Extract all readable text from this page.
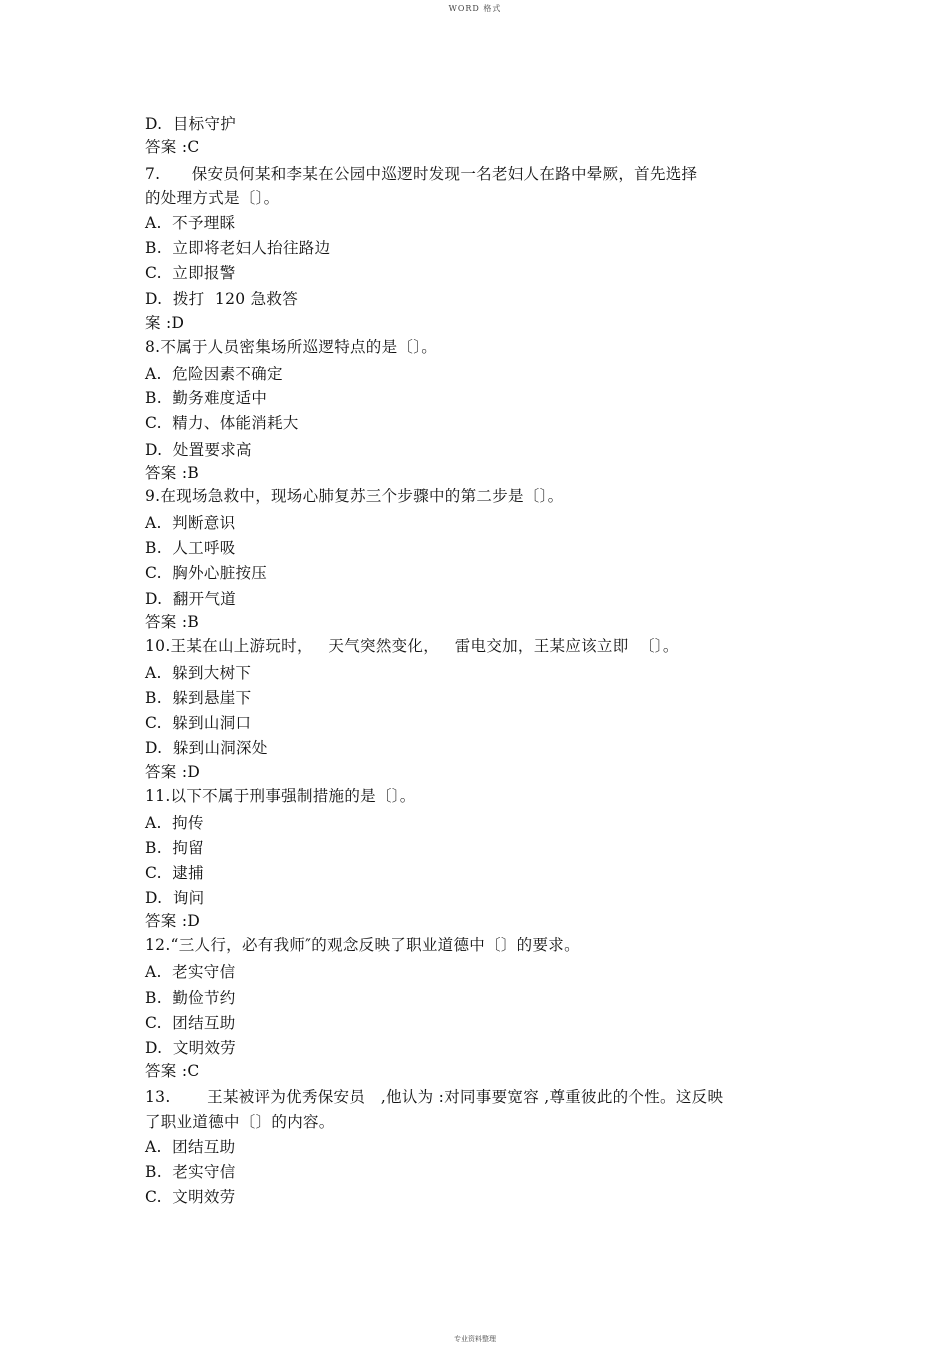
WORD 格式
D.  目标守护
答案 :C
7.      保安员何某和李某在公园中巡逻时发现一名老妇人在路中晕厥，首先选择
的处理方式是〔〕。
A.  不予理睬
B.  立即将老妇人抬往路边
C.  立即报警
D.  拨打  120 急救答
案 :D
8.不属于人员密集场所巡逻特点的是〔〕。
A.  危险因素不确定
B.  勤务难度适中
C.  精力、体能消耗大
D.  处置要求高
答案 :B
9.在现场急救中，现场心肺复苏三个步骤中的第二步是〔〕。
A.  判断意识
B.  人工呼吸
C.  胸外心脏按压
D.  翻开气道
答案 :B
10.王某在山上游玩时，   天气突然变化，   雷电交加，王某应该立即  〔〕。
A.  躲到大树下
B.  躲到悬崖下
C.  躲到山洞口
D.  躲到山洞深处
答案 :D
11.以下不属于刑事强制措施的是〔〕。
A.  拘传
B.  拘留
C.  逮捕
D.  询问
答案 :D
12.“三人行，必有我师″的观念反映了职业道德中〔〕的要求。
A.  老实守信
B.  勤俭节约
C.  团结互助
D.  文明效劳
答案 :C
13.       王某被评为优秀保安员   ,他认为 :对同事要宽容 ,尊重彼此的个性。这反映
了职业道德中〔〕的内容。
A.  团结互助
B.  老实守信
C.  文明效劳
专业资料整理
